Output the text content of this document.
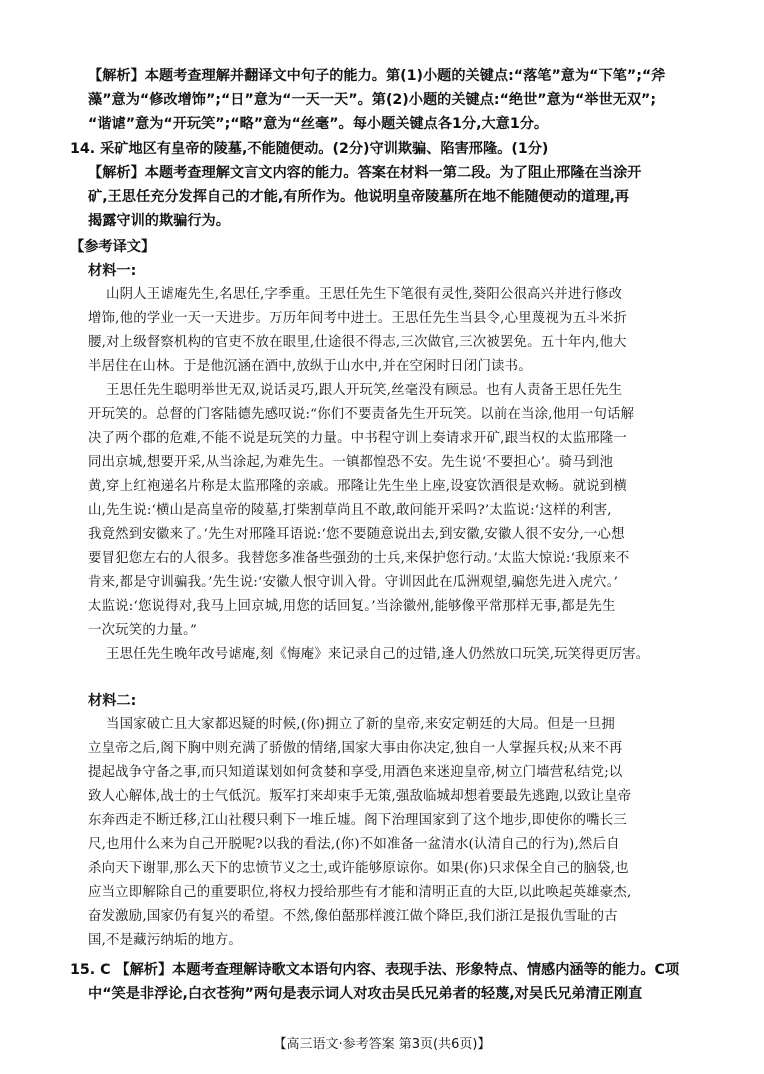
【解析】本题考查理解并翻译文中句子的能力。第(1)小题的关键点:“落笔”意为“下笔”;“斧
藻”意为“修改增饰”;“日”意为“一天一天”。第(2)小题的关键点:“绝世”意为“举世无双”;
“谐谑”意为“开玩笑”;“略”意为“丝毫”。每小题关键点各1分,大意1分。
14. 采矿地区有皇帝的陵墓,不能随便动。(2分)守训欺骗、陷害邢隆。(1分)
【解析】本题考查理解文言文内容的能力。答案在材料一第二段。为了阻止邢隆在当涂开
矿,王思任充分发挥自己的才能,有所作为。他说明皇帝陵墓所在地不能随便动的道理,再
揭露守训的欺骗行为。
【参考译文】
材料一:
山阴人王谑庵先生,名思任,字季重。王思任先生下笔很有灵性,葵阳公很高兴并进行修改
增饰,他的学业一天一天进步。万历年间考中进士。王思任先生当县令,心里蔑视为五斗米折
腰,对上级督察机构的官吏不放在眼里,仕途很不得志,三次做官,三次被罢免。五十年内,他大
半居住在山林。于是他沉涵在酒中,放纵于山水中,并在空闲时日闭门读书。
王思任先生聪明举世无双,说话灵巧,跟人开玩笑,丝毫没有顾忌。也有人责备王思任先生
开玩笑的。总督的门客陆德先感叹说:“你们不要责备先生开玩笑。以前在当涂,他用一句话解
决了两个郡的危难,不能不说是玩笑的力量。中书程守训上奏请求开矿,跟当权的太监邢隆一
同出京城,想要开采,从当涂起,为难先生。一镇都惶恐不安。先生说‘不要担心’。骑马到池
黄,穿上红袍递名片称是太监邢隆的亲戚。邢隆让先生坐上座,设宴饮酒很是欢畅。就说到横
山,先生说:‘横山是高皇帝的陵墓,打柴割草尚且不敢,敢问能开采吗?’太监说:‘这样的利害,
我竟然到安徽来了。’先生对邢隆耳语说:‘您不要随意说出去,到安徽,安徽人很不安分,一心想
要冒犯您左右的人很多。我替您多准备些强劲的士兵,来保护您行动。’太监大惊说:‘我原来不
肯来,都是守训骗我。’先生说:‘安徽人恨守训入骨。守训因此在瓜洲观望,骗您先进入虎穴。’
太监说:‘您说得对,我马上回京城,用您的话回复。’当涂徽州,能够像平常那样无事,都是先生
一次玩笑的力量。”
王思任先生晚年改号谑庵,刻《悔庵》来记录自己的过错,逢人仍然放口玩笑,玩笑得更厉害。
材料二:
当国家破亡且大家都迟疑的时候,(你)拥立了新的皇帝,来安定朝廷的大局。但是一旦拥
立皇帝之后,阁下胸中则充满了骄傲的情绪,国家大事由你决定,独自一人掌握兵权;从来不再
提起战争守备之事,而只知道谋划如何贪婪和享受,用酒色来迷迎皇帝,树立门墙营私结党;以
致人心解体,战士的士气低沉。叛军打来却束手无策,强敌临城却想着要最先逃跑,以致让皇帝
东奔西走不断迁移,江山社稷只剩下一堆丘墟。阁下治理国家到了这个地步,即使你的嘴长三
尺,也用什么来为自己开脱呢?以我的看法,(你)不如准备一盆清水(认清自己的行为),然后自
杀向天下谢罪,那么天下的忠愤节义之士,或许能够原谅你。如果(你)只求保全自己的脑袋,也
应当立即解除自己的重要职位,将权力授给那些有才能和清明正直的大臣,以此唤起英雄豪杰,
奋发激励,国家仍有复兴的希望。不然,像伯嚭那样渡江做个降臣,我们浙江是报仇雪耻的古
国,不是藏污纳垢的地方。
15. C 【解析】本题考查理解诗歌文本语句内容、表现手法、形象特点、情感内涵等的能力。C项
中“笑是非浮论,白衣苍狗”两句是表示词人对攻击吴氏兄弟者的轻蔑,对吴氏兄弟清正刚直
【高三语文·参考答案 第3页(共6页)】
